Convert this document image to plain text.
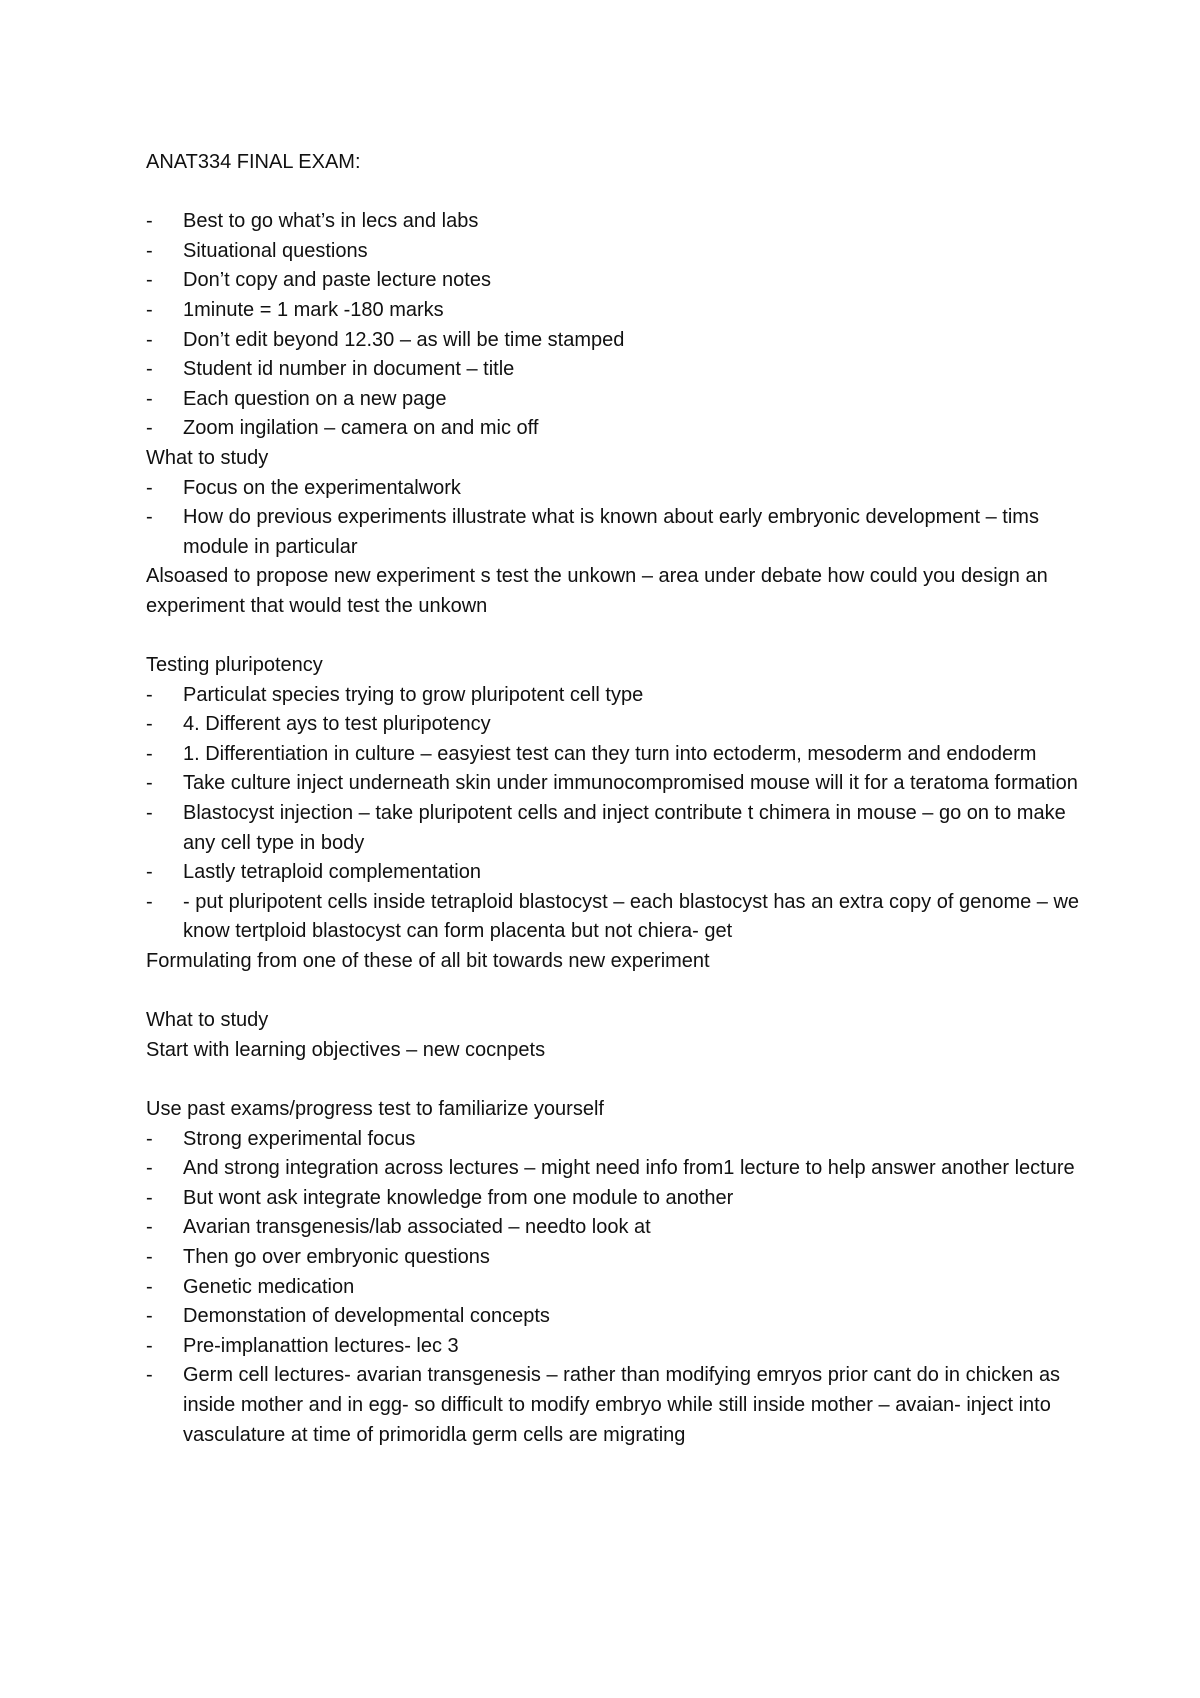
ANAT334 FINAL EXAM:
- Best to go what’s in lecs and labs
- Situational questions
- Don’t copy and paste lecture notes
- 1minute = 1 mark -180 marks
- Don’t edit beyond 12.30 – as will be time stamped
- Student id number in document – title
- Each question on a new page
- Zoom ingilation – camera on and mic off
What to study
- Focus on the experimentalwork
- How do previous experiments illustrate what is known about early embryonic development – tims module in particular
Alsoased to propose new experiment s test the unkown – area under debate how could you design an experiment that would test the unkown
Testing pluripotency
- Particulat species trying to grow pluripotent cell type
- 4. Different ays to test pluripotency
- 1. Differentiation in culture – easyiest test can they turn into ectoderm, mesoderm and endoderm
- Take culture inject underneath skin under immunocompromised mouse will it for a teratoma formation
- Blastocyst injection – take pluripotent cells and inject contribute t chimera in mouse – go on to make any cell type in body
- Lastly tetraploid complementation
- - put pluripotent cells inside tetraploid blastocyst – each blastocyst has an extra copy of genome – we know tertploid blastocyst can form placenta but not chiera- get
Formulating from one of these of all bit towards new experiment
What to study
Start with learning objectives – new cocnpets
Use past exams/progress test to familiarize yourself
- Strong experimental focus
- And strong integration across lectures – might need info from1 lecture to help answer another lecture
- But wont ask integrate knowledge from one module to another
- Avarian transgenesis/lab associated – needto look at
- Then go over embryonic questions
- Genetic medication
- Demonstation of developmental concepts
- Pre-implanattion lectures- lec 3
- Germ cell lectures- avarian transgenesis – rather than modifying emryos prior cant do in chicken as inside mother and in egg- so difficult to modify embryo while still inside mother – avaian- inject into vasculature at time of primoridla germ cells are migrating
